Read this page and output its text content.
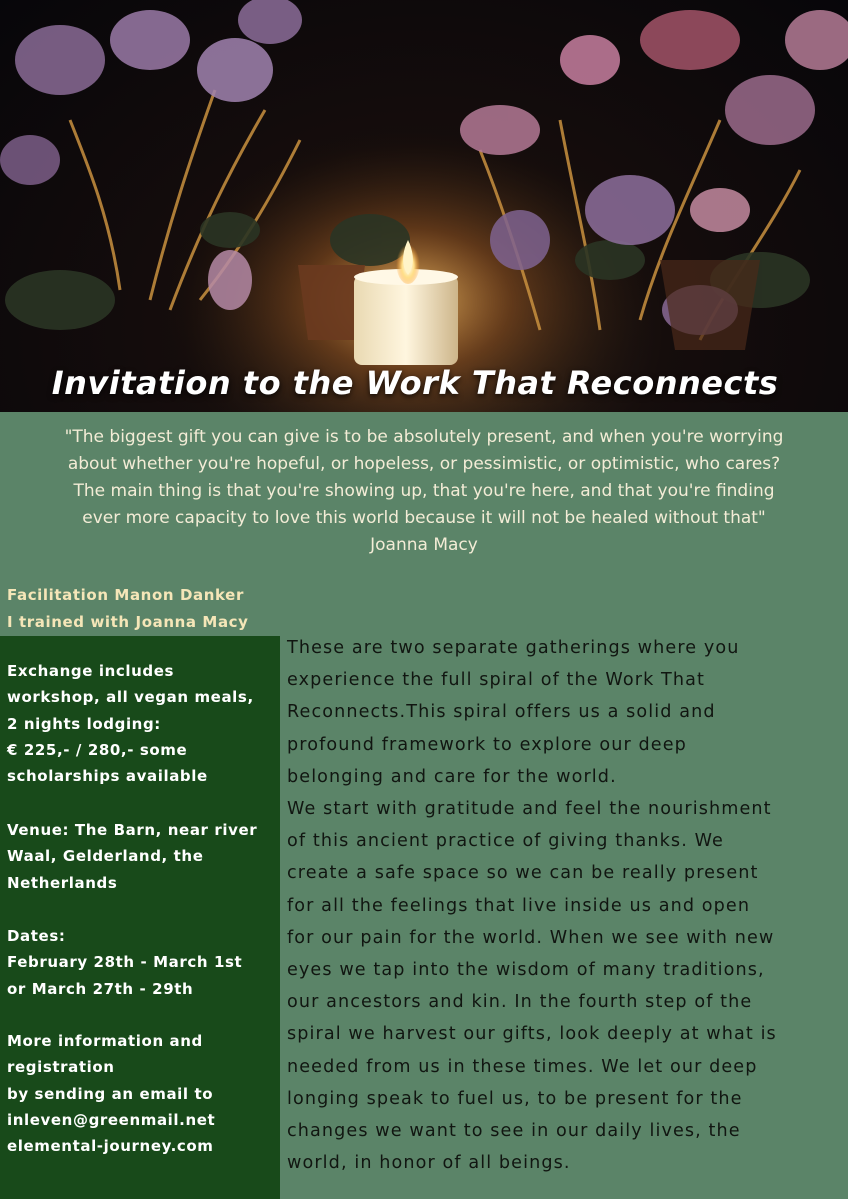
Invitation to the Work That Reconnects
"The biggest gift you can give is to be absolutely present, and when you're worrying
about whether you're hopeful, or hopeless, or pessimistic, or optimistic, who cares?
The main thing is that you're showing up, that you're here, and that you're finding
ever more capacity to love this world because it will not be healed without that"
Joanna Macy
Facilitation Manon Danker
I trained with Joanna Macy
Exchange includes
workshop, all vegan meals,
2 nights lodging:
€ 225,- / 280,- some
scholarships available
Venue: The Barn, near river
Waal, Gelderland, the
Netherlands
Dates:
February 28th - March 1st
or March 27th - 29th
More information and
registration
by sending an email to
inleven@greenmail.net
elemental-journey.com
These are two separate gatherings where you
experience the full spiral of the Work That
Reconnects.This spiral offers us a solid and
profound framework to explore our deep
belonging and care for the world.
We start with gratitude and feel the nourishment
of this ancient practice of giving thanks. We
create a safe space so we can be really present
for all the feelings that live inside us and open
for our pain for the world. When we see with new
eyes we tap into the wisdom of many traditions,
our ancestors and kin. In the fourth step of the
spiral we harvest our gifts, look deeply at what is
needed from us in these times. We let our deep
longing speak to fuel us, to be present for the
changes we want to see in our daily lives, the
world, in honor of all beings.
